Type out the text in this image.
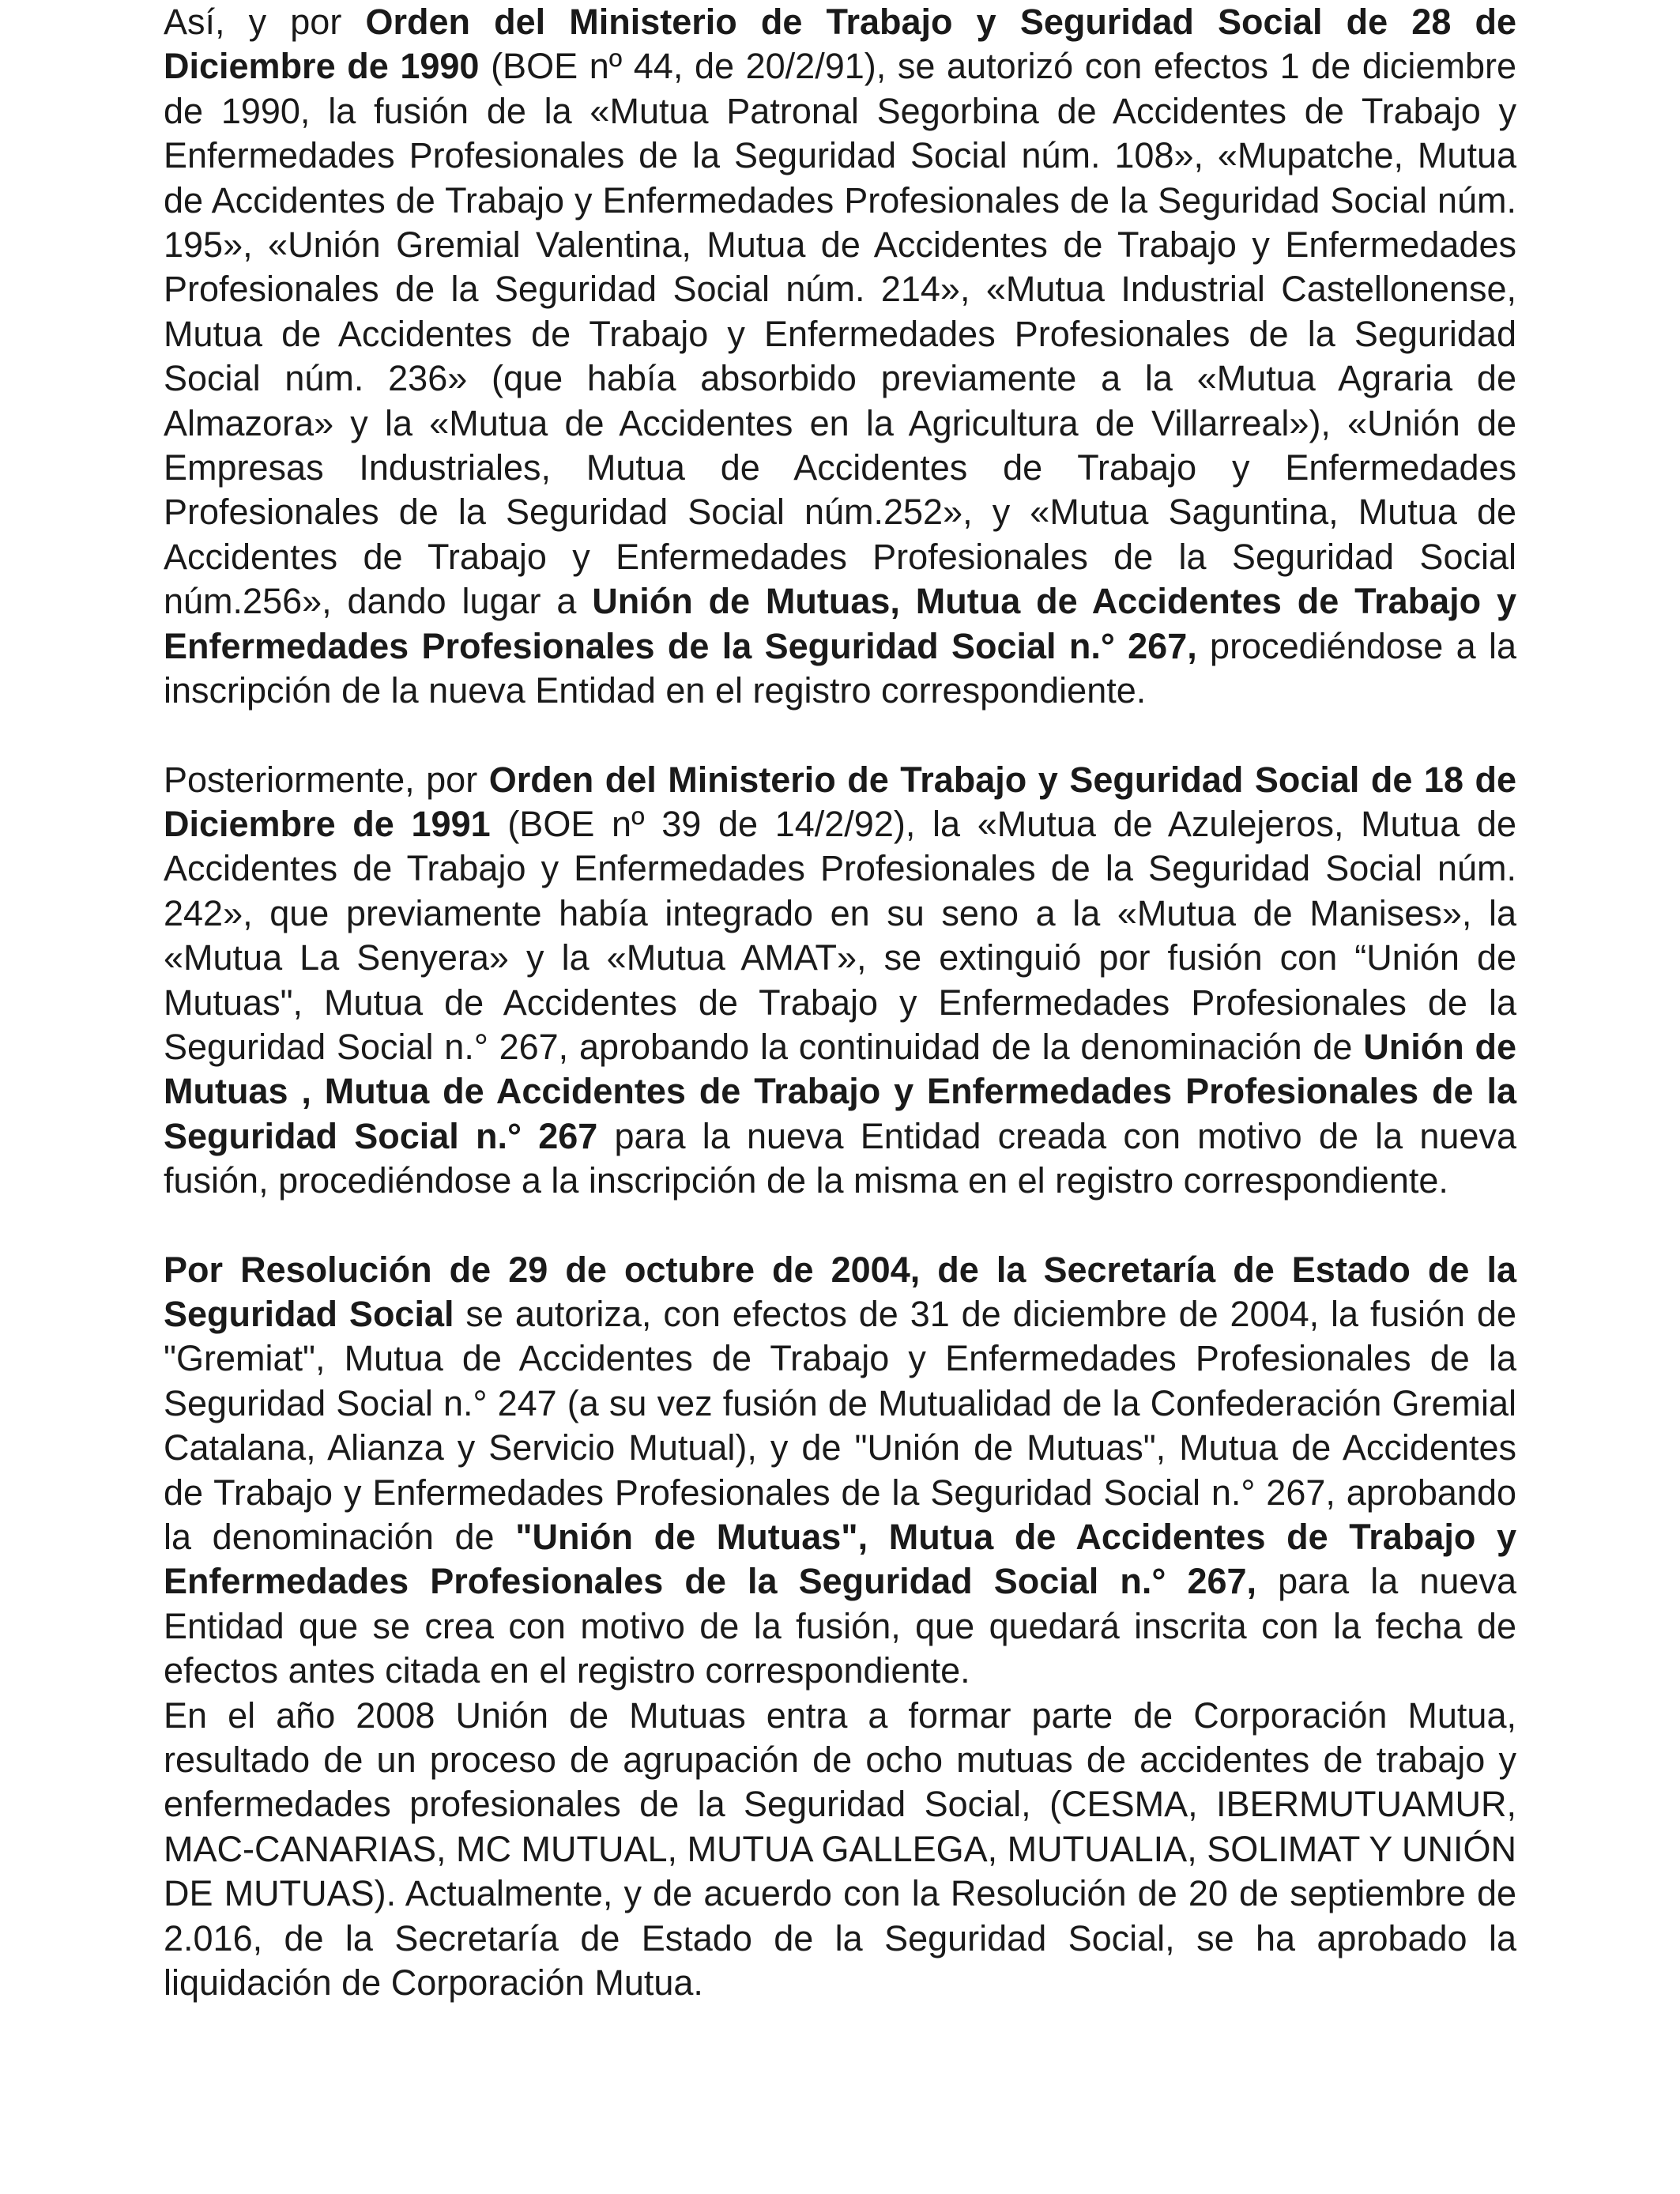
Así, y por Orden del Ministerio de Trabajo y Seguridad Social de 28 de Diciembre de 1990 (BOE nº 44, de 20/2/91), se autorizó con efectos 1 de diciembre de 1990, la fusión de la «Mutua Patronal Segorbina de Accidentes de Trabajo y Enfermedades Profesionales de la Seguridad Social núm. 108», «Mupatche, Mutua de Accidentes de Trabajo y Enfermedades Profesionales de la Seguridad Social núm. 195», «Unión Gremial Valentina, Mutua de Accidentes de Trabajo y Enfermedades Profesionales de la Seguridad Social núm. 214», «Mutua Industrial Castellonense, Mutua de Accidentes de Trabajo y Enfermedades Profesionales de la Seguridad Social núm. 236» (que había absorbido previamente a la «Mutua Agraria de Almazora» y la «Mutua de Accidentes en la Agricultura de Villarreal»), «Unión de Empresas Industriales, Mutua de Accidentes de Trabajo y Enfermedades Profesionales de la Seguridad Social núm.252», y «Mutua Saguntina, Mutua de Accidentes de Trabajo y Enfermedades Profesionales de la Seguridad Social núm.256», dando lugar a Unión de Mutuas, Mutua de Accidentes de Trabajo y Enfermedades Profesionales de la Seguridad Social n.° 267, procediéndose a la inscripción de la nueva Entidad en el registro correspondiente.

Posteriormente, por Orden del Ministerio de Trabajo y Seguridad Social de 18 de Diciembre de 1991 (BOE nº 39 de 14/2/92), la «Mutua de Azulejeros, Mutua de Accidentes de Trabajo y Enfermedades Profesionales de la Seguridad Social núm. 242», que previamente había integrado en su seno a la «Mutua de Manises», la «Mutua La Senyera» y la «Mutua AMAT», se extinguió por fusión con “Unión de Mutuas", Mutua de Accidentes de Trabajo y Enfermedades Profesionales de la Seguridad Social n.° 267, aprobando la continuidad de la denominación de Unión de Mutuas , Mutua de Accidentes de Trabajo y Enfermedades Profesionales de la Seguridad Social n.° 267 para la nueva Entidad creada con motivo de la nueva fusión, procediéndose a la inscripción de la misma en el registro correspondiente.

Por Resolución de 29 de octubre de 2004, de la Secretaría de Estado de la Seguridad Social se autoriza, con efectos de 31 de diciembre de 2004, la fusión de "Gremiat", Mutua de Accidentes de Trabajo y Enfermedades Profesionales de la Seguridad Social n.° 247 (a su vez fusión de Mutualidad de la Confederación Gremial Catalana, Alianza y Servicio Mutual), y de "Unión de Mutuas", Mutua de Accidentes de Trabajo y Enfermedades Profesionales de la Seguridad Social n.° 267, aprobando la denominación de "Unión de Mutuas", Mutua de Accidentes de Trabajo y Enfermedades Profesionales de la Seguridad Social n.° 267, para la nueva Entidad que se crea con motivo de la fusión, que quedará inscrita con la fecha de efectos antes citada en el registro correspondiente.

En el año 2008 Unión de Mutuas entra a formar parte de Corporación Mutua, resultado de un proceso de agrupación de ocho mutuas de accidentes de trabajo y enfermedades profesionales de la Seguridad Social, (CESMA, IBERMUTUAMUR, MAC-CANARIAS, MC MUTUAL, MUTUA GALLEGA, MUTUALIA, SOLIMAT Y UNIÓN DE MUTUAS). Actualmente, y de acuerdo con la Resolución de 20 de septiembre de 2.016, de la Secretaría de Estado de la Seguridad Social, se ha aprobado la liquidación de Corporación Mutua.
